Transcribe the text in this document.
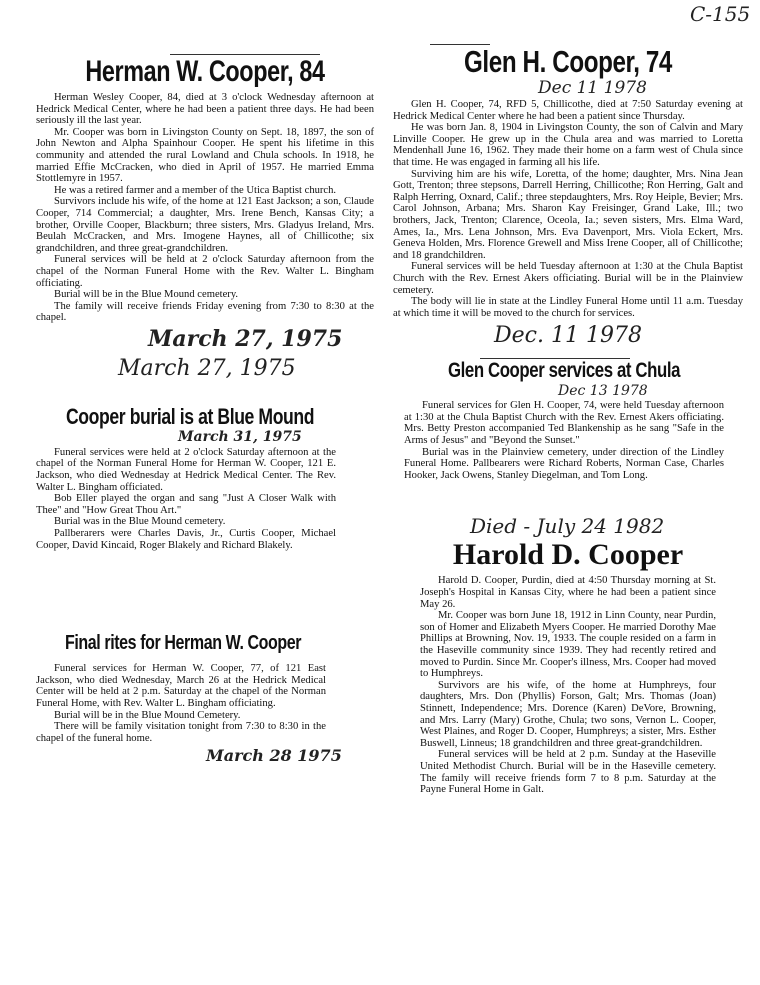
C-155
Herman W. Cooper, 84

Herman Wesley Cooper, 84, died at 3 o'clock Wednesday afternoon at Hedrick Medical Center, where he had been a patient three days. He had been seriously ill the last year.

Mr. Cooper was born in Livingston County on Sept. 18, 1897, the son of John Newton and Alpha Spainhour Cooper. He spent his lifetime in this community and attended the rural Lowland and Chula schools. In 1918, he married Effie McCracken, who died in April of 1957. He married Emma Stottlemyre in 1957.

He was a retired farmer and a member of the Utica Baptist church.

Survivors include his wife, of the home at 121 East Jackson; a son, Claude Cooper, 714 Commercial; a daughter, Mrs. Irene Bench, Kansas City; a brother, Orville Cooper, Blackburn; three sisters, Mrs. Gladyus Ireland, Mrs. Beulah McCracken, and Mrs. Imogene Haynes, all of Chillicothe; six grandchildren, and three great-grandchildren.

Funeral services will be held at 2 o'clock Saturday afternoon from the chapel of the Norman Funeral Home with the Rev. Walter L. Bingham officiating.

Burial will be in the Blue Mound cemetery.

The family will receive friends Friday evening from 7:30 to 8:30 at the chapel.

March 27, 1975
March 27, 1975
Cooper burial is at Blue Mound
March 31, 1975

Funeral services were held at 2 o'clock Saturday afternoon at the chapel of the Norman Funeral Home for Herman W. Cooper, 121 E. Jackson, who died Wednesday at Hedrick Medical Center. The Rev. Walter L. Bingham officiated.

Bob Eller played the organ and sang "Just A Closer Walk with Thee" and "How Great Thou Art."

Burial was in the Blue Mound cemetery.

Pallberarers were Charles Davis, Jr., Curtis Cooper, Michael Cooper, David Kincaid, Roger Blakely and Richard Blakely.

Final rites for Herman W. Cooper

Funeral services for Herman W. Cooper, 77, of 121 East Jackson, who died Wednesday, March 26 at the Hedrick Medical Center will be held at 2 p.m. Saturday at the chapel of the Norman Funeral Home, with Rev. Walter L. Bingham officiating.

Burial will be in the Blue Mound Cemetery.

There will be family visitation tonight from 7:30 to 8:30 in the chapel of the funeral home.

March 28 1975
Glen H. Cooper, 74
Dec 11 1978

Glen H. Cooper, 74, RFD 5, Chillicothe, died at 7:50 Saturday evening at Hedrick Medical Center where he had been a patient since Thursday.

He was born Jan. 8, 1904 in Livingston County, the son of Calvin and Mary Linville Cooper. He grew up in the Chula area and was married to Loretta Mendenhall June 16, 1962. They made their home on a farm west of Chula since that time. He was engaged in farming all his life.

Surviving him are his wife, Loretta, of the home; daughter, Mrs. Nina Jean Gott, Trenton; three stepsons, Darrell Herring, Chillicothe; Ron Herring, Galt and Ralph Herring, Oxnard, Calif.; three stepdaughters, Mrs. Roy Heiple, Bevier; Mrs. Carol Johnson, Arbana; Mrs. Sharon Kay Freisinger, Grand Lake, Ill.; two brothers, Jack, Trenton; Clarence, Oceola, Ia.; seven sisters, Mrs. Elma Ward, Ames, Ia., Mrs. Lena Johnson, Mrs. Eva Davenport, Mrs. Viola Eckert, Mrs. Geneva Holden, Mrs. Florence Grewell and Miss Irene Cooper, all of Chillicothe; and 18 grandchildren.

Funeral services will be held Tuesday afternoon at 1:30 at the Chula Baptist Church with the Rev. Ernest Akers officiating. Burial will be in the Plainview cemetery.

The body will lie in state at the Lindley Funeral Home until 11 a.m. Tuesday at which time it will be moved to the church for services.

Dec. 11 1978
Glen Cooper services at Chula
Dec 13 1978

Funeral services for Glen H. Cooper, 74, were held Tuesday afternoon at 1:30 at the Chula Baptist Church with the Rev. Ernest Akers officiating. Mrs. Betty Preston accompanied Ted Blankenship as he sang "Safe in the Arms of Jesus" and "Beyond the Sunset."

Burial was in the Plainview cemetery, under direction of the Lindley Funeral Home. Pallbearers were Richard Roberts, Norman Case, Charles Hooker, Jack Owens, Stanley Diegelman, and Tom Long.

Died - July 24 1982
Harold D. Cooper

Harold D. Cooper, Purdin, died at 4:50 Thursday morning at St. Joseph's Hospital in Kansas City, where he had been a patient since May 26.

Mr. Cooper was born June 18, 1912 in Linn County, near Purdin, son of Homer and Elizabeth Myers Cooper. He married Dorothy Mae Phillips at Browning, Nov. 19, 1933. The couple resided on a farm in the Haseville community since 1939. They had recently retired and moved to Purdin. Since Mr. Cooper's illness, Mrs. Cooper had moved to Humphreys.

Survivors are his wife, of the home at Humphreys, four daughters, Mrs. Don (Phyllis) Forson, Galt; Mrs. Thomas (Joan) Stinnett, Independence; Mrs. Dorence (Karen) DeVore, Browning, and Mrs. Larry (Mary) Grothe, Chula; two sons, Vernon L. Cooper, West Plaines, and Roger D. Cooper, Humphreys; a sister, Mrs. Esther Buswell, Linneus; 18 grandchildren and three great-grandchildren.

Funeral services will be held at 2 p.m. Sunday at the Haseville United Methodist Church. Burial will be in the Haseville cemetery. The family will receive friends form 7 to 8 p.m. Saturday at the Payne Funeral Home in Galt.
